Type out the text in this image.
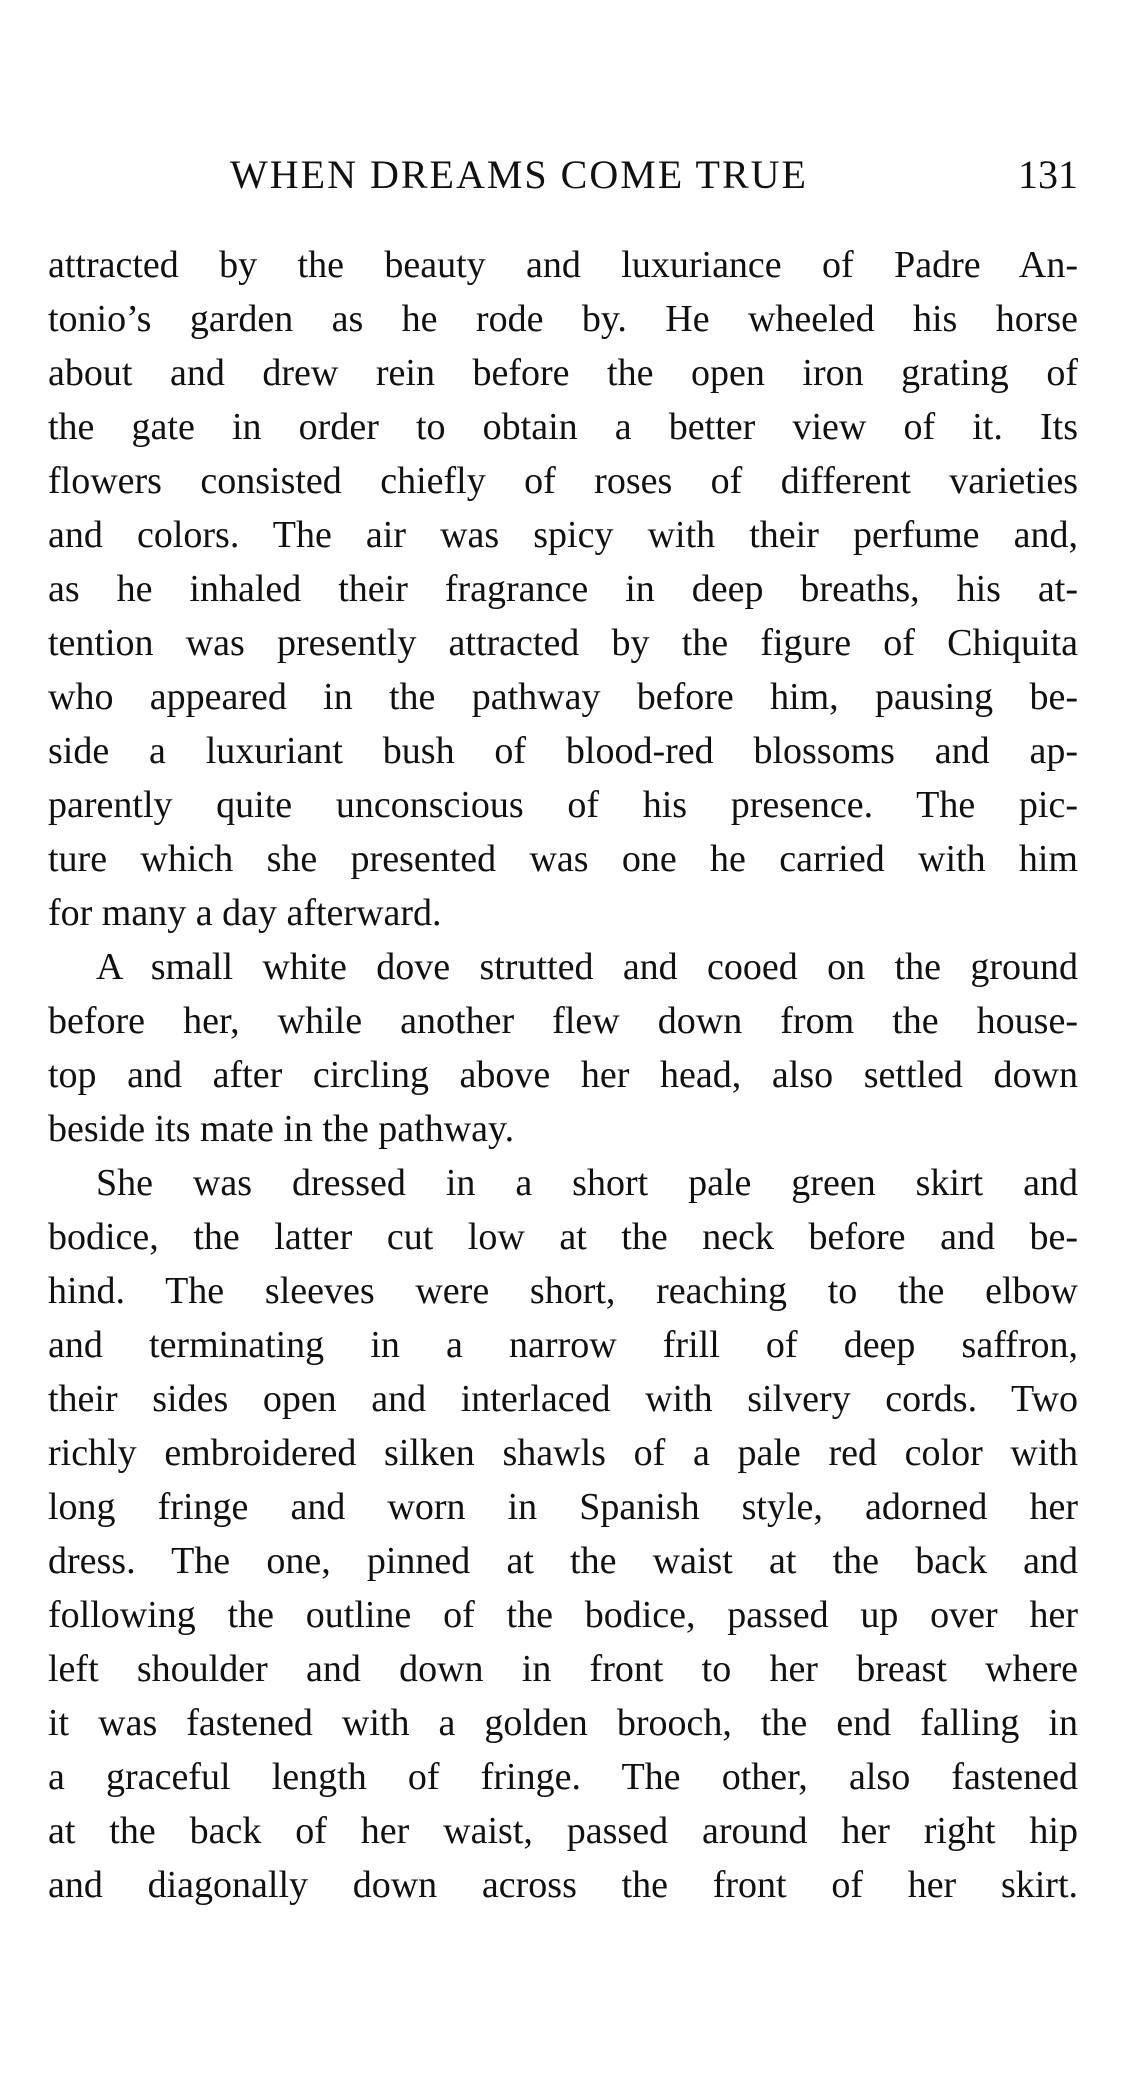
WHEN DREAMS COME TRUE	131
attracted by the beauty and luxuriance of Padre An-
tonio’s garden as he rode by. He wheeled his horse
about and drew rein before the open iron grating of
the gate in order to obtain a better view of it. Its
flowers consisted chiefly of roses of different varieties
and colors. The air was spicy with their perfume and,
as he inhaled their fragrance in deep breaths, his at-
tention was presently attracted by the figure of Chiquita
who appeared in the pathway before him, pausing be-
side a luxuriant bush of blood-red blossoms and ap-
parently quite unconscious of his presence. The pic-
ture which she presented was one he carried with him
for many a day afterward.
A small white dove strutted and cooed on the ground
before her, while another flew down from the house-
top and after circling above her head, also settled down
beside its mate in the pathway.
She was dressed in a short pale green skirt and
bodice, the latter cut low at the neck before and be-
hind. The sleeves were short, reaching to the elbow
and terminating in a narrow frill of deep saffron,
their sides open and interlaced with silvery cords. Two
richly embroidered silken shawls of a pale red color with
long fringe and worn in Spanish style, adorned her
dress. The one, pinned at the waist at the back and
following the outline of the bodice, passed up over her
left shoulder and down in front to her breast where
it was fastened with a golden brooch, the end falling in
a graceful length of fringe. The other, also fastened
at the back of her waist, passed around her right hip
and diagonally down across the front of her skirt.
